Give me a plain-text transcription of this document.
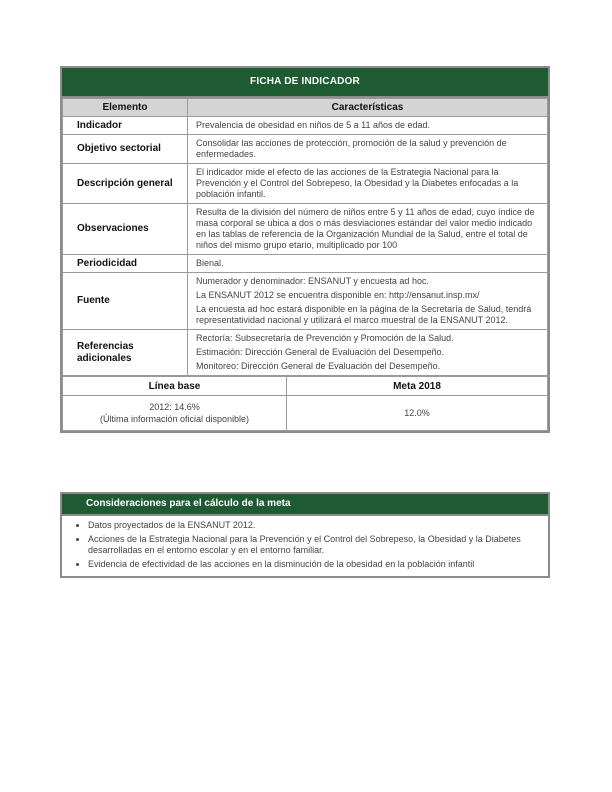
FICHA DE INDICADOR
Elemento	Características
Indicador	Prevalencia de obesidad en niños de 5 a 11 años de edad.

Objetivo sectorial	Consolidar las acciones de protección, promoción de la salud y prevención de enfermedades.

Descripción general	El indicador mide el efecto de las acciones de la Estrategia Nacional para la Prevención y el Control del Sobrepeso, la Obesidad y la Diabetes enfocadas a la población infantil.

Observaciones	Resulta de la división del número de niños entre 5 y 11 años de edad, cuyo índice de masa corporal se ubica a dos o más desviaciones estándar del valor medio indicado en las tablas de referencia de la Organización Mundial de la Salud, entre el total de niños del mismo grupo etario, multiplicado por 100

Periodicidad	Bienal.

Fuente	Numerador y denominador: ENSANUT y encuesta ad hoc.

La ENSANUT 2012 se encuentra disponible en: http://ensanut.insp.mx/

La encuesta ad hoc estará disponible en la página de la Secretaría de Salud, tendrá representatividad nacional y utilizará el marco muestral de la ENSANUT 2012.

Referencias adicionales	Rectoría: Subsecretaría de Prevención y Promoción de la Salud.

Estimación: Dirección General de Evaluación del Desempeño.

Monitoreo: Dirección General de Evaluación del Desempeño.

Línea base	Meta 2018

2012: 14.6%
(Última información oficial disponible)	12.0%
Consideraciones para el cálculo de la meta
• Datos proyectados de la ENSANUT 2012.
• Acciones de la Estrategia Nacional para la Prevención y el Control del Sobrepeso, la Obesidad y la Diabetes desarrolladas en el entorno escolar y en el entorno familiar.
• Evidencia de efectividad de las acciones en la disminución de la obesidad en la población infantil
